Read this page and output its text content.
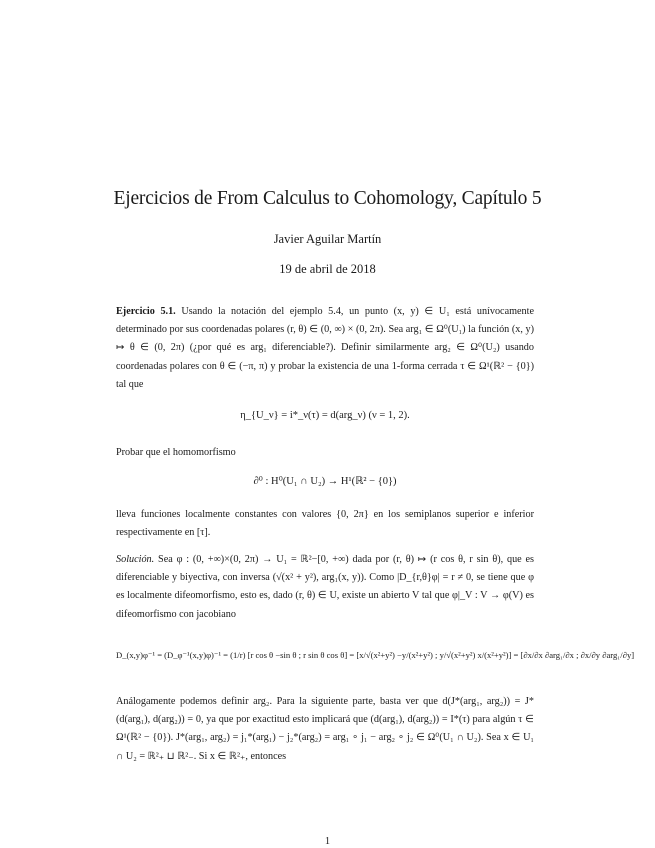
Ejercicios de From Calculus to Cohomology, Capítulo 5
Javier Aguilar Martín
19 de abril de 2018
Ejercicio 5.1. Usando la notación del ejemplo 5.4, un punto (x, y) ∈ U₁ está unívocamente determinado por sus coordenadas polares (r, θ) ∈ (0, ∞) × (0, 2π). Sea arg₁ ∈ Ω⁰(U₁) la función (x, y) ↦ θ ∈ (0, 2π) (¿por qué es arg₁ diferenciable?). Definir similarmente arg₂ ∈ Ω⁰(U₂) usando coordenadas polares con θ ∈ (−π, π) y probar la existencia de una 1-forma cerrada τ ∈ Ω¹(ℝ² − {0}) tal que
η_{U_ν} = i*_ν(τ) = d(arg_ν) (ν = 1, 2).
Probar que el homomorfismo
∂⁰ : H⁰(U₁ ∩ U₂) → H¹(ℝ² − {0})
lleva funciones localmente constantes con valores {0, 2π} en los semiplanos superior e inferior respectivamente en [τ].
Solución. Sea φ : (0, +∞)×(0, 2π) → U₁ = ℝ²−[0, +∞) dada por (r, θ) ↦ (r cos θ, r sin θ), que es diferenciable y biyectiva, con inversa (√(x² + y²), arg₁(x, y)). Como |D_{r,θ}φ| = r ≠ 0, se tiene que φ es localmente difeomorfismo, esto es, dado (r, θ) ∈ U, existe un abierto V tal que φ|_V : V → φ(V) es difeomorfismo con jacobiano
D_(x,y)φ⁻¹ = (D_φ⁻¹(x,y)φ)⁻¹ = (1/r) [r cos θ −sin θ ; r sin θ cos θ] = [x/√(x²+y²) −y/(x²+y²) ; y/√(x²+y²) x/(x²+y²)] = [∂x/∂x ∂arg₁/∂x ; ∂x/∂y ∂arg₁/∂y]
Análogamente podemos definir arg₂. Para la siguiente parte, basta ver que d(J*(arg₁, arg₂)) = J*(d(arg₁), d(arg₂)) = 0, ya que por exactitud esto implicará que (d(arg₁), d(arg₂)) = I*(τ) para algún τ ∈ Ω¹(ℝ² − {0}). J*(arg₁, arg₂) = j₁*(arg₁) − j₂*(arg₂) = arg₁ ∘ j₁ − arg₂ ∘ j₂ ∈ Ω⁰(U₁ ∩ U₂). Sea x ∈ U₁ ∩ U₂ = ℝ²₊ ⊔ ℝ²₋. Si x ∈ ℝ²₊, entonces
1
